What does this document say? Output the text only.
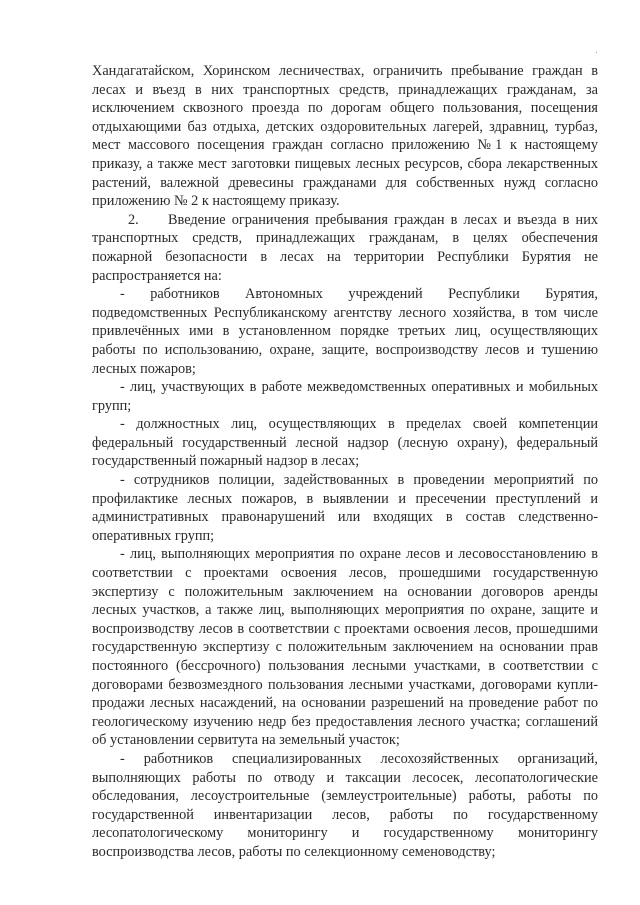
Хандагатайском, Хоринском лесничествах, ограничить пребывание граждан в лесах и въезд в них транспортных средств, принадлежащих гражданам, за исключением сквозного проезда по дорогам общего пользования, посещения отдыхающими баз отдыха, детских оздоровительных лагерей, здравниц, турбаз, мест массового посещения граждан согласно приложению №1 к настоящему приказу, а также мест заготовки пищевых лесных ресурсов, сбора лекарственных растений, валежной древесины гражданами для собственных нужд согласно приложению № 2 к настоящему приказу.

2. Введение ограничения пребывания граждан в лесах и въезда в них транспортных средств, принадлежащих гражданам, в целях обеспечения пожарной безопасности в лесах на территории Республики Бурятия не распространяется на:

- работников Автономных учреждений Республики Бурятия, подведомственных Республиканскому агентству лесного хозяйства, в том числе привлечённых ими в установленном порядке третьих лиц, осуществляющих работы по использованию, охране, защите, воспроизводству лесов и тушению лесных пожаров;

- лиц, участвующих в работе межведомственных оперативных и мобильных групп;

- должностных лиц, осуществляющих в пределах своей компетенции федеральный государственный лесной надзор (лесную охрану), федеральный государственный пожарный надзор в лесах;

- сотрудников полиции, задействованных в проведении мероприятий по профилактике лесных пожаров, в выявлении и пресечении преступлений и административных правонарушений или входящих в состав следственно-оперативных групп;

- лиц, выполняющих мероприятия по охране лесов и лесовосстановлению в соответствии с проектами освоения лесов, прошедшими государственную экспертизу с положительным заключением на основании договоров аренды лесных участков, а также лиц, выполняющих мероприятия по охране, защите и воспроизводству лесов в соответствии с проектами освоения лесов, прошедшими государственную экспертизу с положительным заключением на основании прав постоянного (бессрочного) пользования лесными участками, в соответствии с договорами безвозмездного пользования лесными участками, договорами купли-продажи лесных насаждений, на основании разрешений на проведение работ по геологическому изучению недр без предоставления лесного участка; соглашений об установлении сервитута на земельный участок;

- работников специализированных лесохозяйственных организаций, выполняющих работы по отводу и таксации лесосек, лесопатологические обследования, лесоустроительные (землеустроительные) работы, работы по государственной инвентаризации лесов, работы по государственному лесопатологическому мониторингу и государственному мониторингу воспроизводства лесов, работы по селекционному семеноводству;
